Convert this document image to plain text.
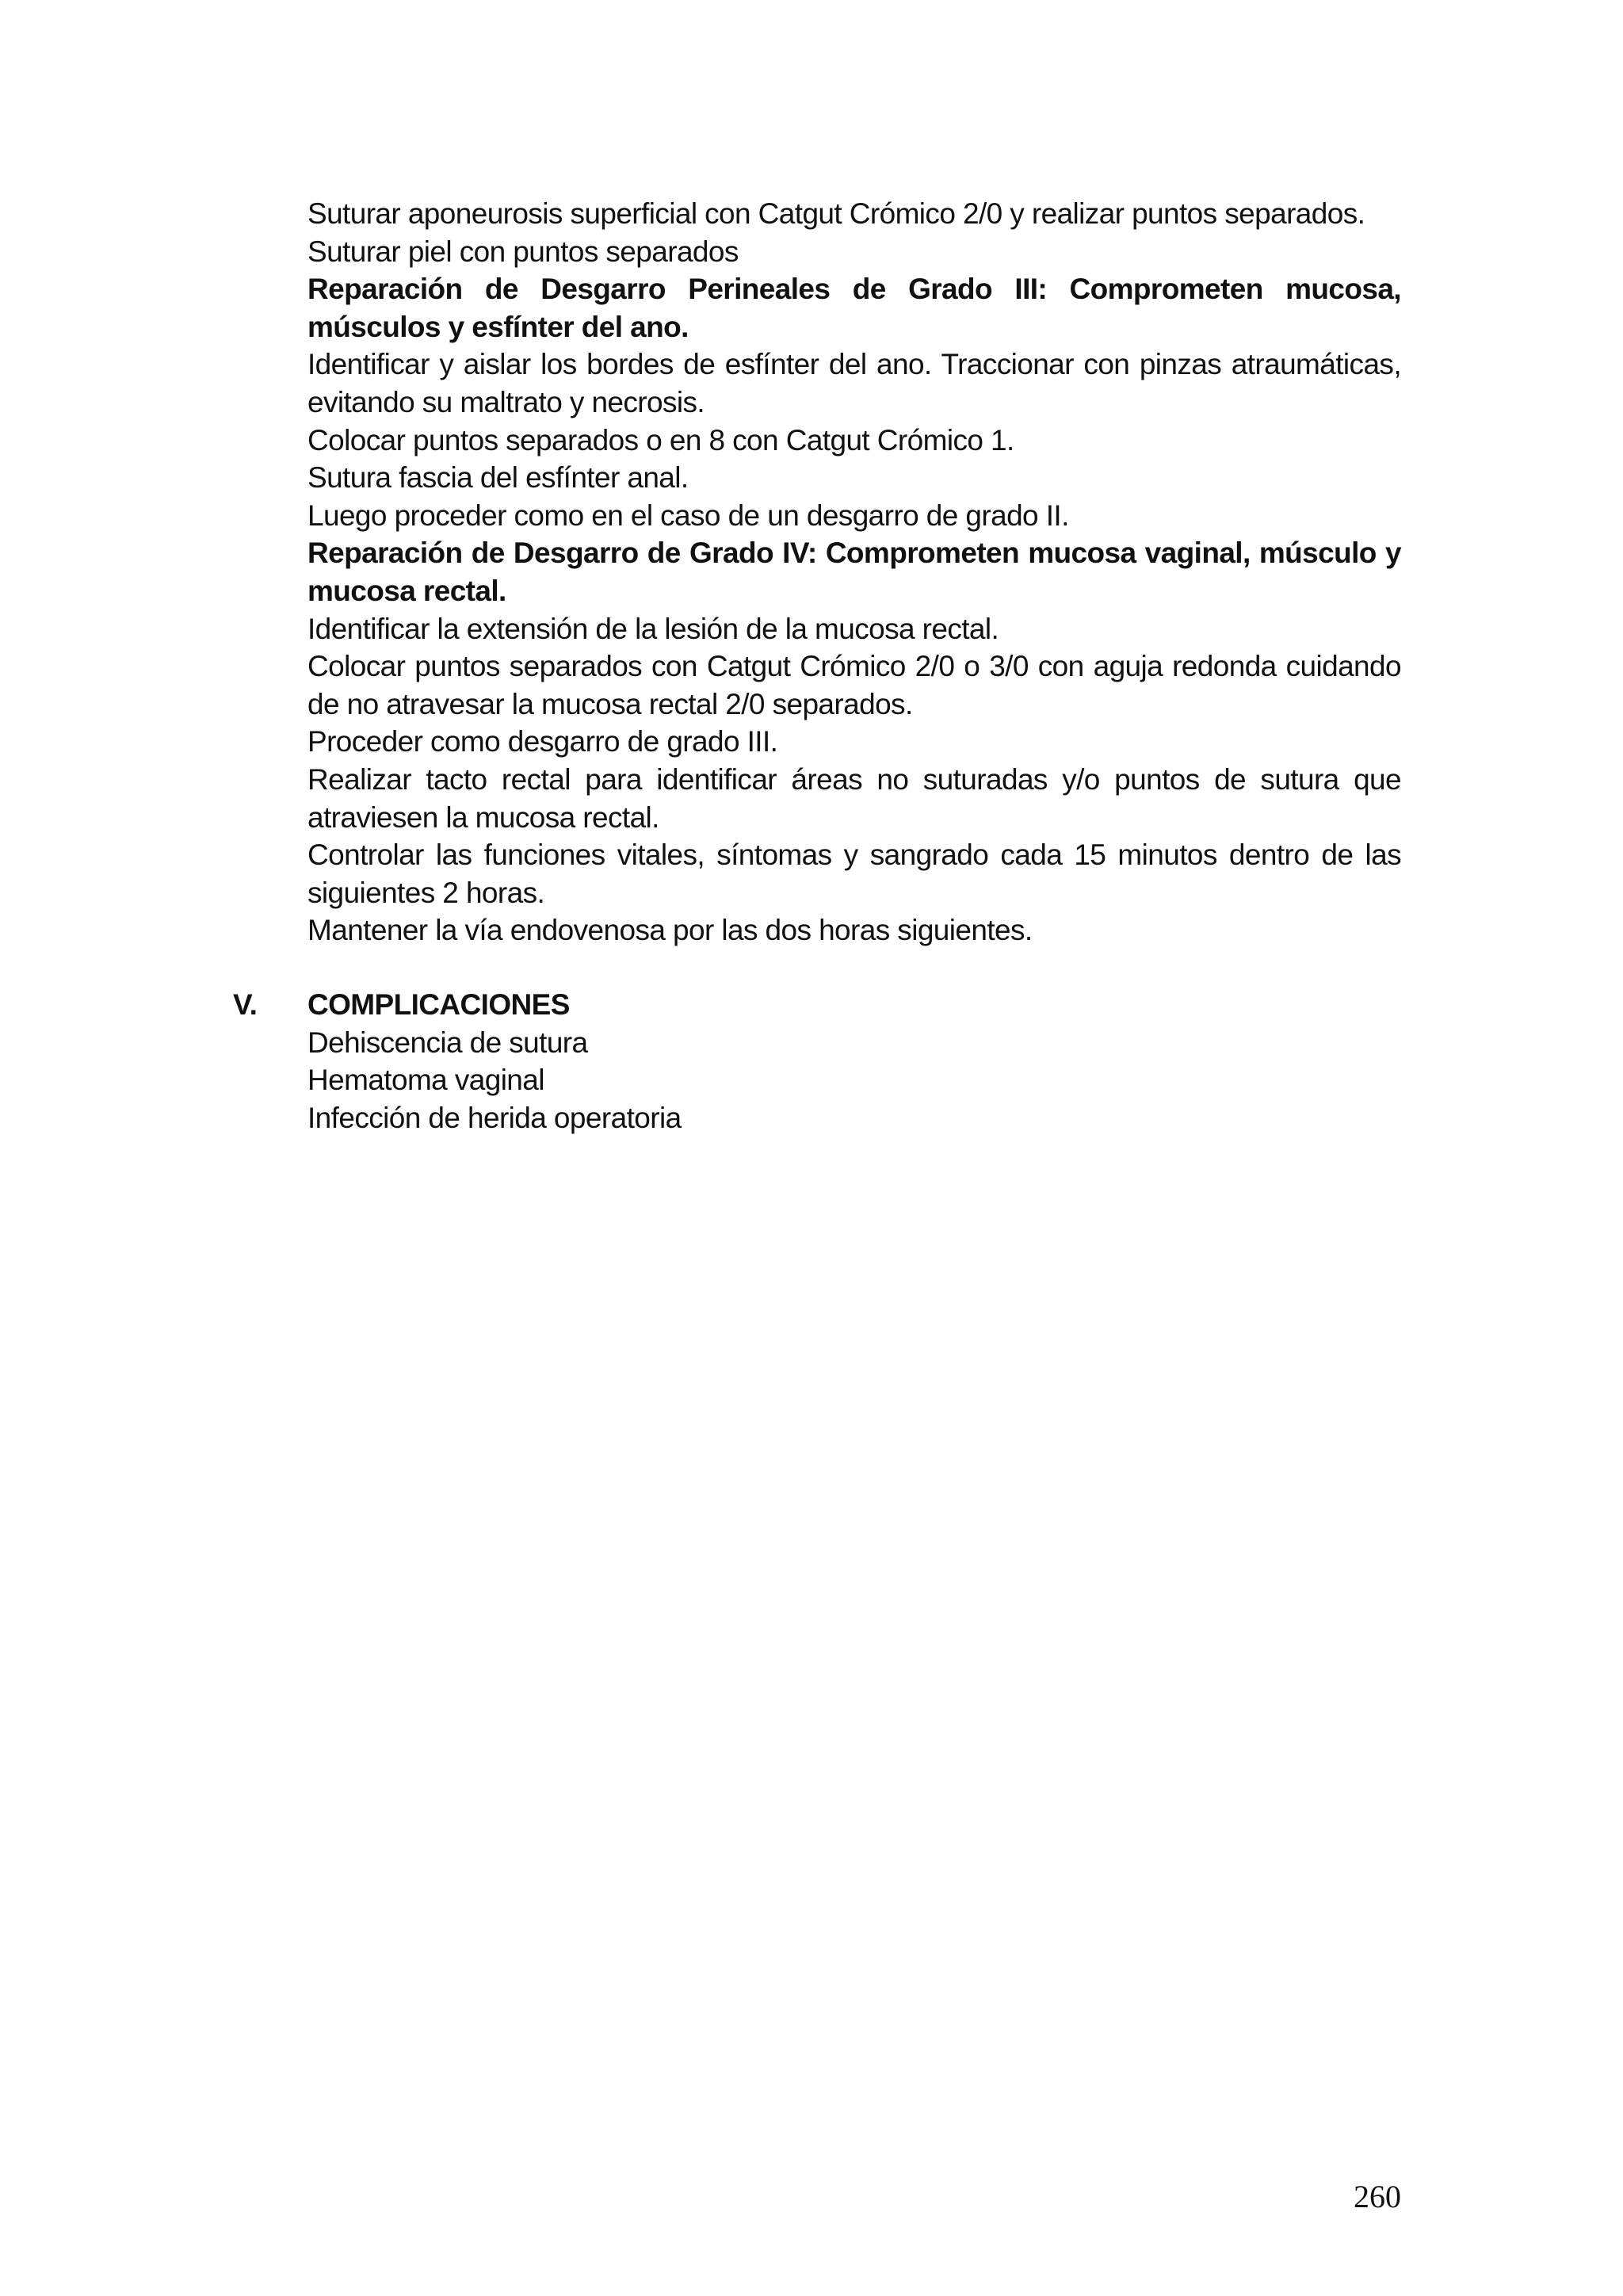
Suturar aponeurosis superficial con Catgut Crómico 2/0 y realizar puntos separados.

Suturar piel con puntos separados

Reparación de Desgarro Perineales de Grado III: Comprometen mucosa, músculos y esfínter del ano.

Identificar y aislar los bordes de esfínter del ano. Traccionar con pinzas atraumáticas, evitando su maltrato y necrosis.

Colocar puntos separados o en 8 con Catgut Crómico 1.

Sutura fascia del esfínter anal.

Luego proceder como en el caso de un desgarro de grado II.

Reparación de Desgarro de Grado IV: Comprometen mucosa vaginal, músculo y mucosa rectal.

Identificar la extensión de la lesión de la mucosa rectal.

Colocar puntos separados con Catgut Crómico 2/0 o 3/0 con aguja redonda cuidando de no atravesar la mucosa rectal 2/0 separados.

Proceder como desgarro de grado III.

Realizar tacto rectal para identificar áreas no suturadas y/o puntos de sutura que atraviesen la mucosa rectal.

Controlar las funciones vitales, síntomas y sangrado cada 15 minutos dentro de las siguientes 2 horas.

Mantener la vía endovenosa por las dos horas siguientes.

V. COMPLICACIONES

Dehiscencia de sutura

Hematoma vaginal

Infección de herida operatoria

260
